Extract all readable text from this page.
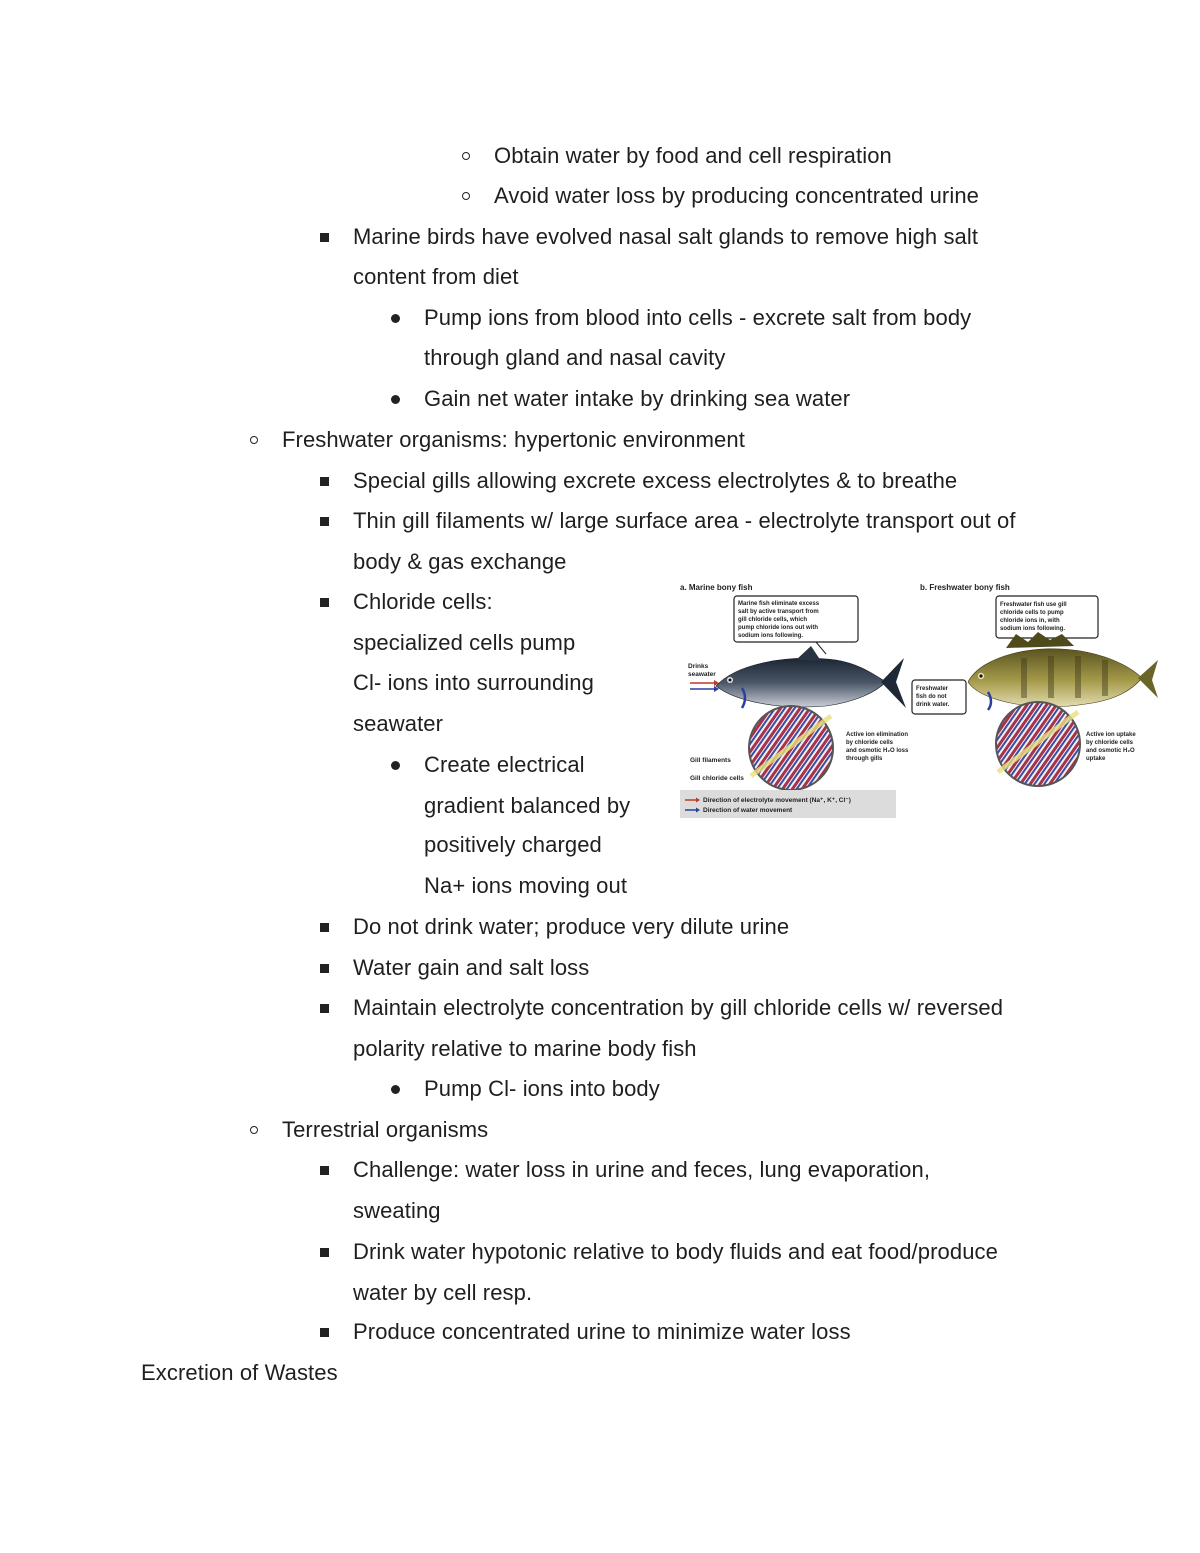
Obtain water by food and cell respiration
Avoid water loss by producing concentrated urine
Marine birds have evolved nasal salt glands to remove high salt
content from diet
Pump ions from blood into cells - excrete salt from body
through gland and nasal cavity
Gain net water intake by drinking sea water
Freshwater organisms: hypertonic environment
Special gills allowing excrete excess electrolytes & to breathe
Thin gill filaments w/ large surface area - electrolyte transport out of
body & gas exchange
Chloride cells:
specialized cells pump
Cl- ions into surrounding
seawater
Create electrical
gradient balanced by
positively charged
Na+ ions moving out
Do not drink water; produce very dilute urine
Water gain and salt loss
Maintain electrolyte concentration by gill chloride cells w/ reversed
polarity relative to marine body fish
Pump Cl- ions into body
Terrestrial organisms
Challenge: water loss in urine and feces, lung evaporation,
sweating
Drink water hypotonic relative to body fluids and eat food/produce
water by cell resp.
Produce concentrated urine to minimize water loss
Excretion of Wastes
a. Marine bony fish	b. Freshwater bony fish
Marine fish eliminate excess salt by active transport from gill chloride cells, which pump chloride ions out with sodium ions following.
Drinks seawater
Gill filaments
Gill chloride cells
Active ion elimination by chloride cells and osmotic H₂O loss through gills
Direction of electrolyte movement (Na⁺, K⁺, Cl⁻)
Direction of water movement
Freshwater fish use gill chloride cells to pump chloride ions in, with sodium ions following.
Freshwater fish do not drink water.
Active ion uptake by chloride cells and osmotic H₂O uptake
